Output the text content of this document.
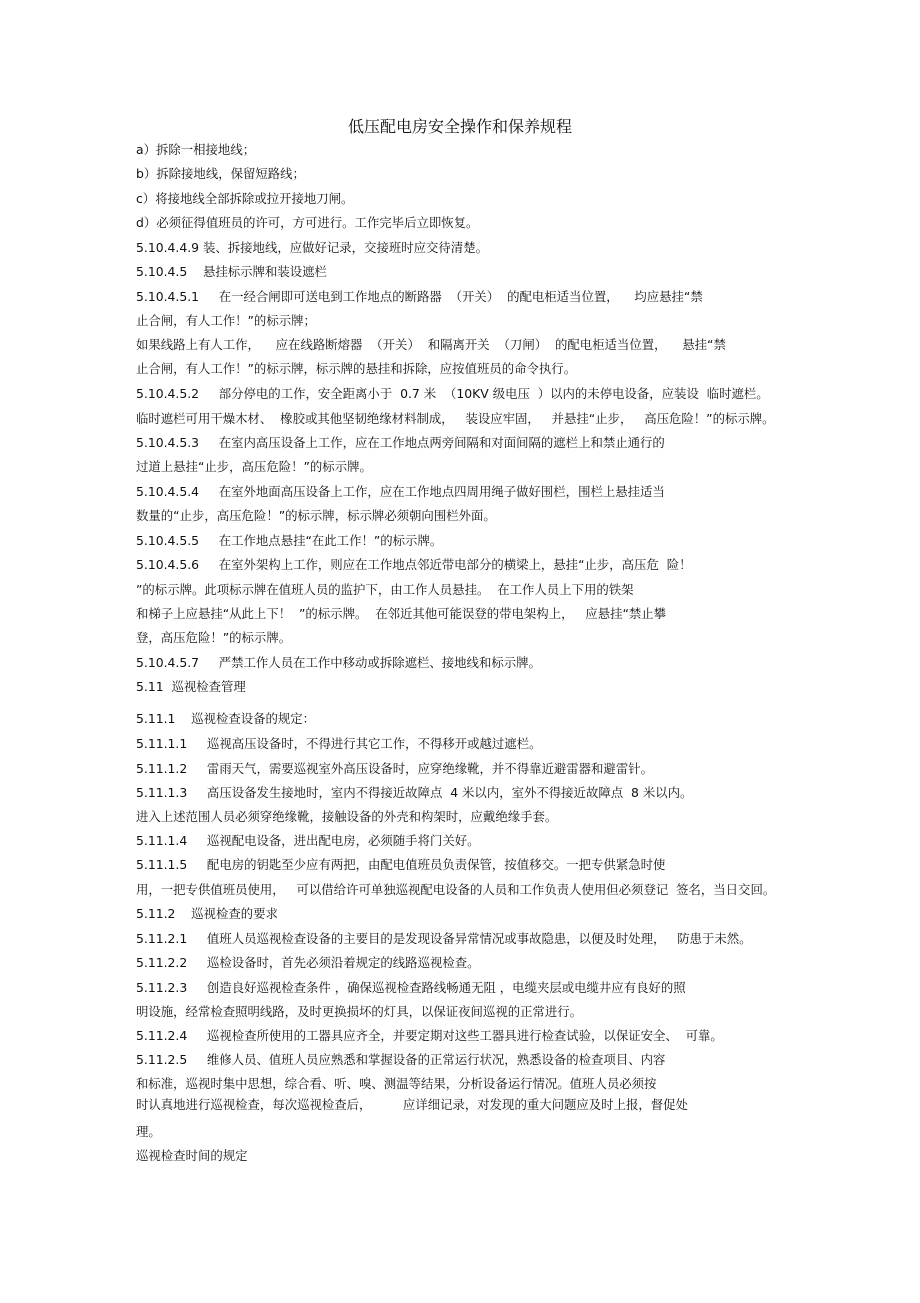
低压配电房安全操作和保养规程
a）拆除一相接地线；
b）拆除接地线，保留短路线；
c）将接地线全部拆除或拉开接地刀闸。
d）必须征得值班员的许可，方可进行。工作完毕后立即恢复。
5.10.4.4.9 装、拆接地线，应做好记录，交接班时应交待清楚。
5.10.4.5    悬挂标示牌和装设遮栏
5.10.4.5.1     在一经合闸即可送电到工作地点的断路器  （开关）  的配电柜适当位置，    均应悬挂“禁
止合闸，有人工作！”的标示牌；
如果线路上有人工作，    应在线路断熔器  （开关）  和隔离开关  （刀闸）  的配电柜适当位置，    悬挂“禁
止合闸，有人工作！”的标示牌，标示牌的悬挂和拆除，应按值班员的命令执行。
5.10.4.5.2     部分停电的工作，安全距离小于  0.7 米  （10KV 级电压  ）以内的未停电设备，应装设  临时遮栏。
临时遮栏可用干燥木材、  橡胶或其他坚韧绝缘材料制成，   装设应牢固，   并悬挂“止步，   高压危险！”的标示牌。
5.10.4.5.3     在室内高压设备上工作，应在工作地点两旁间隔和对面间隔的遮栏上和禁止通行的
过道上悬挂“止步，高压危险！”的标示牌。
5.10.4.5.4     在室外地面高压设备上工作，应在工作地点四周用绳子做好围栏，围栏上悬挂适当
数量的“止步，高压危险！”的标示牌，标示牌必须朝向围栏外面。
5.10.4.5.5     在工作地点悬挂“在此工作！”的标示牌。
5.10.4.5.6     在室外架构上工作，则应在工作地点邻近带电部分的横梁上，悬挂“止步，高压危  险！
”的标示牌。此项标示牌在值班人员的监护下，由工作人员悬挂。  在工作人员上下用的铁架
和梯子上应悬挂“从此上下！  ”的标示牌。  在邻近其他可能误登的带电架构上，   应悬挂“禁止攀
登，高压危险！”的标示牌。
5.10.4.5.7     严禁工作人员在工作中移动或拆除遮栏、接地线和标示牌。
5.11  巡视检查管理
5.11.1    巡视检查设备的规定：
5.11.1.1     巡视高压设备时，不得进行其它工作，不得移开或越过遮栏。
5.11.1.2     雷雨天气，需要巡视室外高压设备时，应穿绝缘靴，并不得靠近避雷器和避雷针。
5.11.1.3     高压设备发生接地时，室内不得接近故障点  4 米以内，室外不得接近故障点  8 米以内。
进入上述范围人员必须穿绝缘靴，接触设备的外壳和构架时，应戴绝缘手套。
5.11.1.4     巡视配电设备，进出配电房，必须随手将门关好。
5.11.1.5     配电房的钥匙至少应有两把，由配电值班员负责保管，按值移交。一把专供紧急时使
用，一把专供值班员使用，   可以借给许可单独巡视配电设备的人员和工作负责人使用但必须登记  签名，当日交回。
5.11.2    巡视检查的要求
5.11.2.1     值班人员巡视检查设备的主要目的是发现设备异常情况或事故隐患，以便及时处理，   防患于未然。
5.11.2.2     巡检设备时，首先必须沿着规定的线路巡视检查。
5.11.2.3     创造良好巡视检查条件 ，确保巡视检查路线畅通无阻 ，电缆夹层或电缆井应有良好的照
明设施，经常检查照明线路，及时更换损坏的灯具，以保证夜间巡视的正常进行。
5.11.2.4     巡视检查所使用的工器具应齐全，并要定期对这些工器具进行检查试验，以保证安全、  可靠。
5.11.2.5     维修人员、值班人员应熟悉和掌握设备的正常运行状况，熟悉设备的检查项目、内容
和标准，巡视时集中思想，综合看、听、嗅、测温等结果，分析设备运行情况。值班人员必须按
时认真地进行巡视检查，每次巡视检查后，        应详细记录，对发现的重大问题应及时上报，督促处
理。
巡视检查时间的规定
